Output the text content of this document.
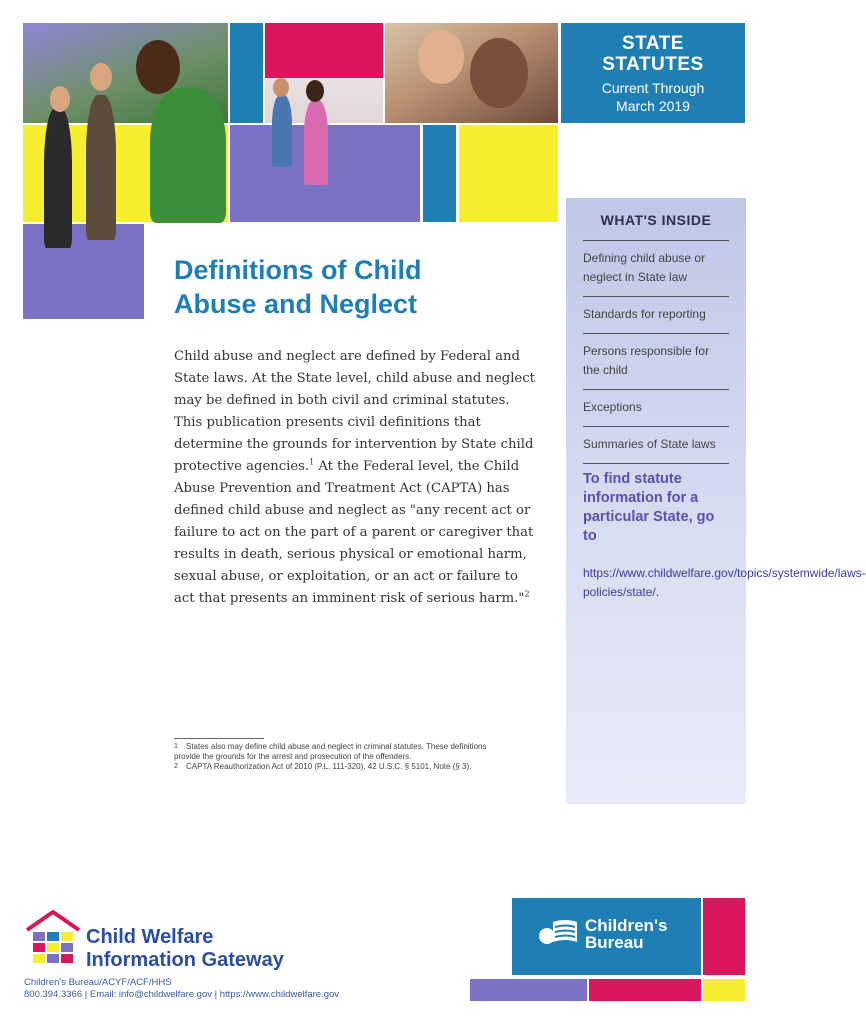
STATE
STATUTES
Current Through
March 2019
Definitions of Child
Abuse and Neglect

Child abuse and neglect are defined by Federal and State laws. At the State level, child abuse and neglect may be defined in both civil and criminal statutes. This publication presents civil definitions that determine the grounds for intervention by State child protective agencies.$^1$ At the Federal level, the Child Abuse Prevention and Treatment Act (CAPTA) has defined child abuse and neglect as "any recent act or failure to act on the part of a parent or caregiver that results in death, serious physical or emotional harm, sexual abuse, or exploitation, or an act or failure to act that presents an imminent risk of serious harm."$^2$

1 States also may define child abuse and neglect in criminal statutes. These definitions provide the grounds for the arrest and prosecution of the offenders.
2 CAPTA Reauthorization Act of 2010 (P.L. 111-320), 42 U.S.C. § 5101, Note (§ 3).
WHAT'S INSIDE
Defining child abuse or neglect in State law
Standards for reporting
Persons responsible for the child
Exceptions
Summaries of State laws
To find statute information for a particular State, go to
https://www.childwelfare.gov/topics/systemwide/laws-policies/state/.
Child Welfare
Information Gateway
Children's Bureau/ACYF/ACF/HHS
800.394.3366 | Email: info@childwelfare.gov | https://www.childwelfare.gov
Children's
Bureau
